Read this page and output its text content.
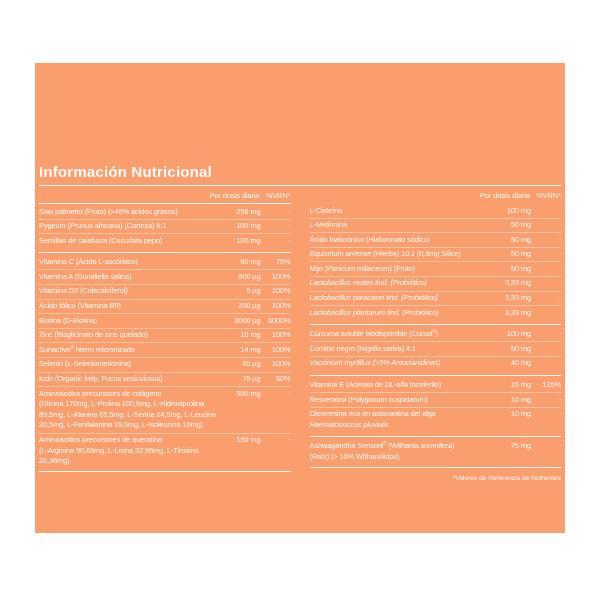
Información Nutricional
Por dosis diaria %VRN*
Saw palmetto (Fruto) (>45% ácidos grasos)	256 mg	-
Pygeum (Prunus africana) (Corteza) 5:1	100 mg	-
Semillas de calabaza (Cucurbita pepo)	100 mg	-
Vitamina C (Ácido L-ascórbico)	60 mg	75%
Vitamina A (Dunaliella salina)	800 µg	100%
Vitamina D3 (Colecalciferol)	5 µg	100%
Ácido fólico (Vitamina B9)	200 µg	100%
Biotina (D-Biotina)	3000 µg 6000%
Zinc (Bisglicinato de zinc quelado)	10 mg	100%
Sunactive® hierro micronizado	14 mg	100%
Selenio (L-Seleniometionina)	55 µg	100%
Iodo (Organic kelp, Fucus vesiculosus)	75 µg	50%
Aminoácidos precursores de colágeno
(Glicina 170mg, L-Prolina 100,5mg, L-Hidroxiprolina 89,5mg, L-Alanina 65,5mg, L-Serina 24,5mg, L-Leucina 20,5mg, L-Fenilalanina 19,5mg, L-Isoleucina 10mg)
500 mg	-
Aminoácidos precursores de queratina
(L-Arginina 90,68mg, L-Lisina 32,96mg, L-Tirosina 26,36mg)
150 mg	-
Por dosis diaria %VRN*
L-Cisteína	100 mg	-
L-Metionina	50 mg	-
Ácido hialurónico (Hialuronato sódico)	50 mg	-
Equisetum arvense (Hierba) 10:1 (0,5mg Sílice)	50 mg	-
Mijo (Panicum miliaceum) (Fruto)	50 mg	-
Lactobacillus reuteri tind. (Probiótico)	3,33 mg	-
Lactobacillus paracasei tind. (Probiótico)	3,33 mg	-
Lactobacillus plantarum tind. (Probiótico)	3,33 mg	-
Cúrcuma soluble biodisponible (Cursol®)	100 mg	-
Comino negro (Nigella sativa) 4:1	50 mg	-
Vaccinium myrtillus (>5% Antocianidinas)	40 mg	-
Vitamina E (Acetato de DL-alfa tocoferilo)	15 mg	125%
Resveratrol (Polygonum cuspidatum)	10 mg	-
Oleorresina rica en astaxantina del alga
Haematococcus pluvialis
10 mg	-
Ashwagandha Sensoril® (Withania somnifera)
(Raíz) (> 10% Withanólidos)
75 mg	-
*Valores de Referencia de Nutrientes
